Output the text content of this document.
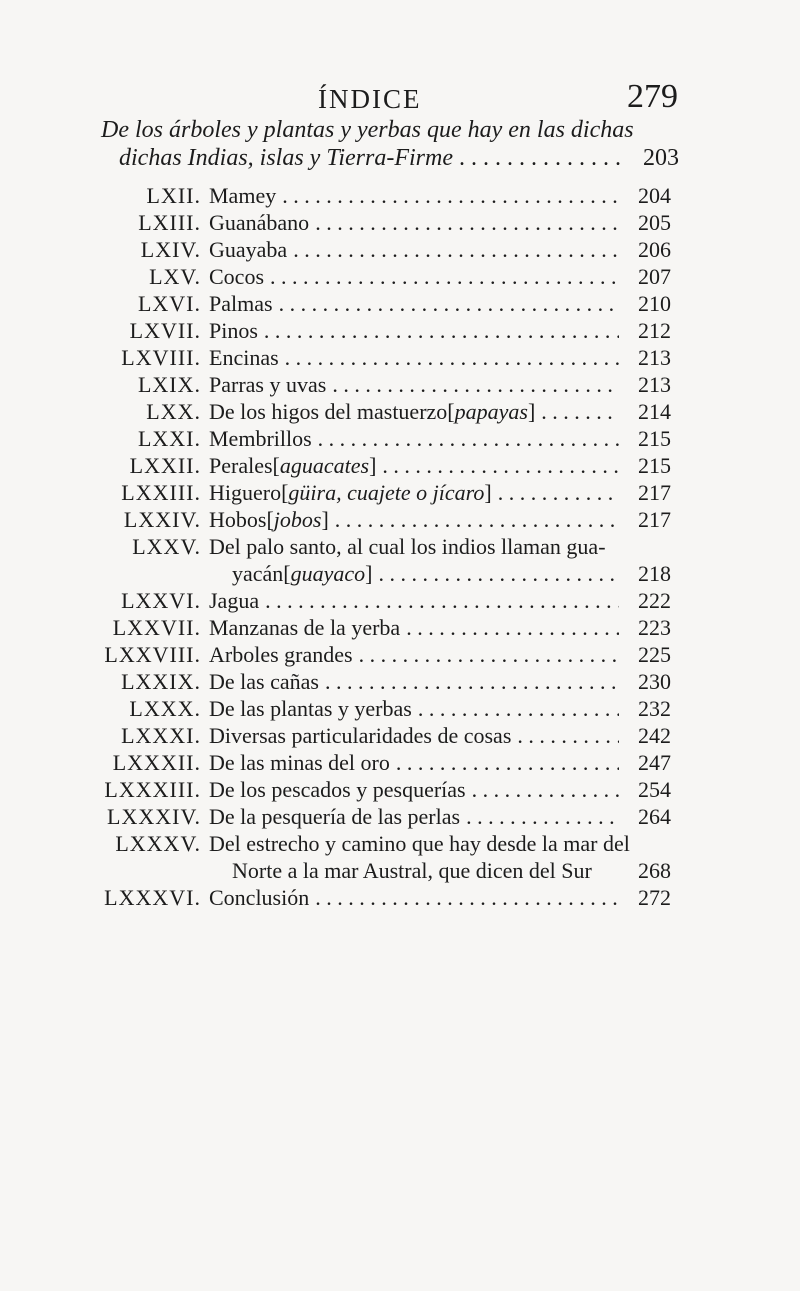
ÍNDICE	279
De los árboles y plantas y yerbas que hay en las dichas
dichas Indias, islas y Tierra-Firme . . .	203
LXII. Mamey . . .	204
LXIII. Guanábano . . .	205
LXIV. Guayaba . . .	206
LXV. Cocos . . .	207
LXVI. Palmas . . .	210
LXVII. Pinos . . .	212
LXVIII. Encinas . . .	213
LXIX. Parras y uvas . . .	213
LXX. De los higos del mastuerzo [papayas] . . .	214
LXXI. Membrillos . . .	215
LXXII. Perales [aguacates] . . .	215
LXXIII. Higuero [güira, cuajete o jícaro] . . .	217
LXXIV. Hobos [jobos] . . .	217
LXXV. Del palo santo, al cual los indios llaman gua-
yacán [guayaco] . . .	218
LXXVI. Jagua . . .	222
LXXVII. Manzanas de la yerba . . .	223
LXXVIII. Arboles grandes . . .	225
LXXIX. De las cañas . . .	230
LXXX. De las plantas y yerbas . . .	232
LXXXI. Diversas particularidades de cosas . . .	242
LXXXII. De las minas del oro . . .	247
LXXXIII. De los pescados y pesquerías . . .	254
LXXXIV. De la pesquería de las perlas . . .	264
LXXXV. Del estrecho y camino que hay desde la mar del
Norte a la mar Austral, que dicen del Sur	268
LXXXVI. Conclusión . . .	272
